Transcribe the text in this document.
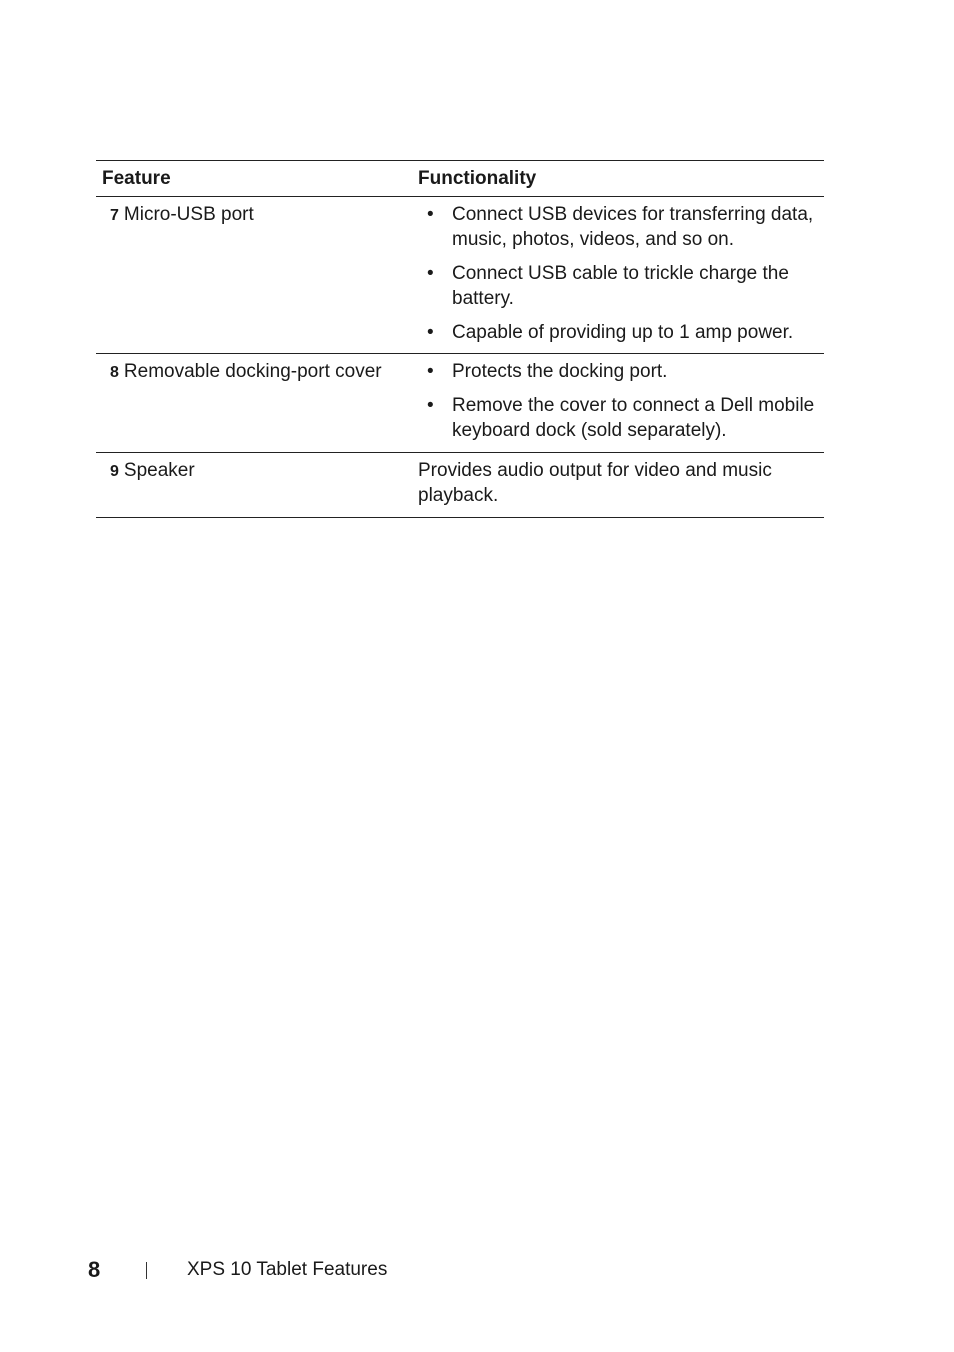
Feature	Functionality
7 Micro-USB port	• Connect USB devices for transferring data, music, photos, videos, and so on.
• Connect USB cable to trickle charge the battery.
• Capable of providing up to 1 amp power.
8 Removable docking-port cover	• Protects the docking port.
• Remove the cover to connect a Dell mobile keyboard dock (sold separately).
9 Speaker	Provides audio output for video and music playback.
8	XPS 10 Tablet Features
